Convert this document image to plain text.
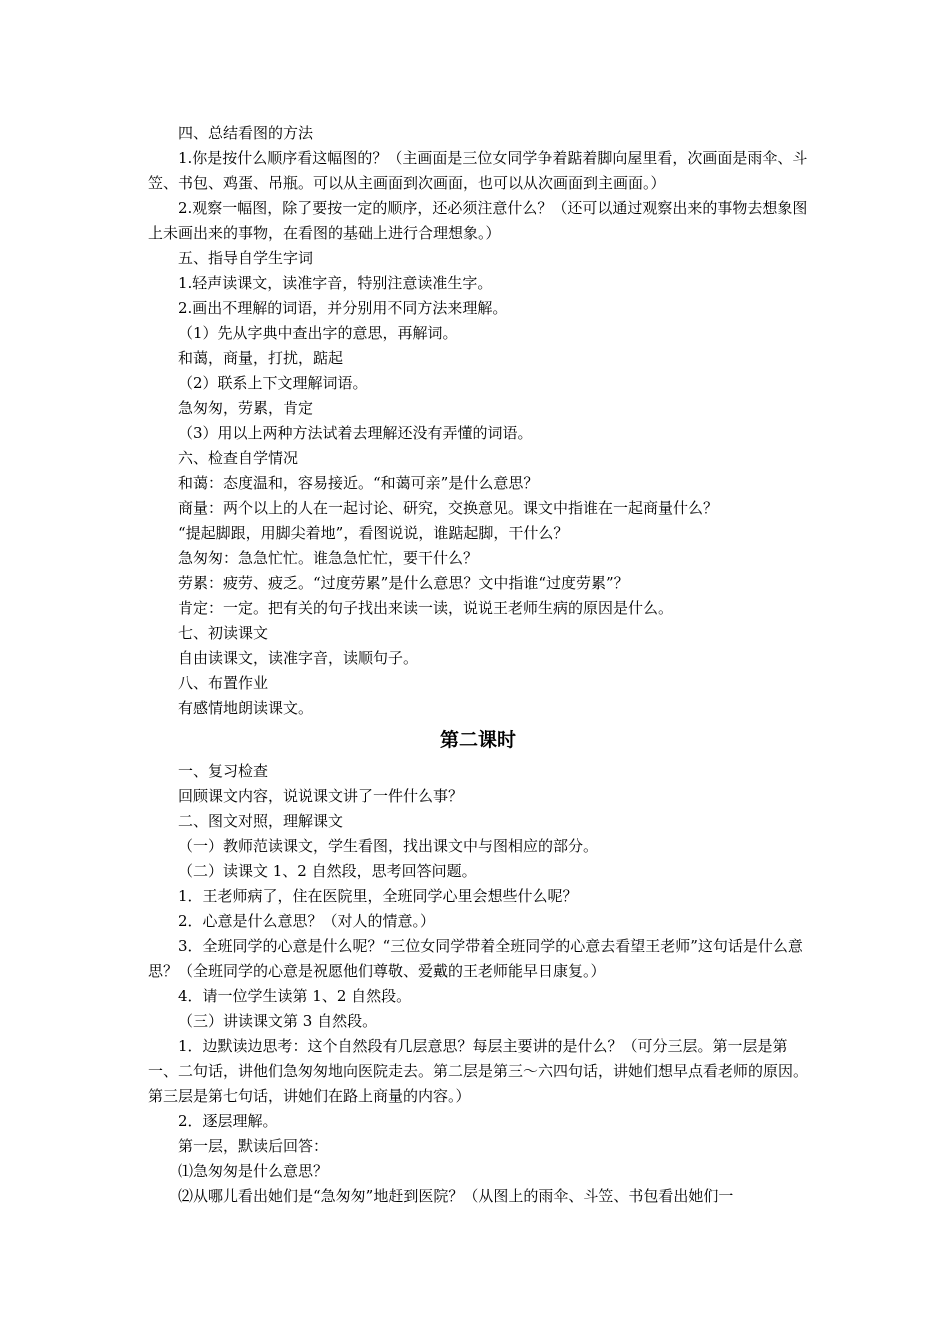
四、总结看图的方法
1.你是按什么顺序看这幅图的？（主画面是三位女同学争着踮着脚向屋里看，次画面是雨伞、斗笠、书包、鸡蛋、吊瓶。可以从主画面到次画面，也可以从次画面到主画面。）
2.观察一幅图，除了要按一定的顺序，还必须注意什么？（还可以通过观察出来的事物去想象图上未画出来的事物，在看图的基础上进行合理想象。）
五、指导自学生字词
1.轻声读课文，读准字音，特别注意读准生字。
2.画出不理解的词语，并分别用不同方法来理解。
（1）先从字典中查出字的意思，再解词。
和蔼，商量，打扰，踮起
（2）联系上下文理解词语。
急匆匆，劳累，肯定
（3）用以上两种方法试着去理解还没有弄懂的词语。
六、检查自学情况
和蔼：态度温和，容易接近。“和蔼可亲”是什么意思？
商量：两个以上的人在一起讨论、研究，交换意见。课文中指谁在一起商量什么？
“提起脚跟，用脚尖着地”，看图说说，谁踮起脚，干什么？
急匆匆：急急忙忙。谁急急忙忙，要干什么？
劳累：疲劳、疲乏。“过度劳累”是什么意思？文中指谁“过度劳累”？
肯定：一定。把有关的句子找出来读一读，说说王老师生病的原因是什么。
七、初读课文
自由读课文，读准字音，读顺句子。
八、布置作业
有感情地朗读课文。
第二课时
一、复习检查
回顾课文内容，说说课文讲了一件什么事？
二、图文对照，理解课文
（一）教师范读课文，学生看图，找出课文中与图相应的部分。
（二）读课文 1、2 自然段，思考回答问题。
1．王老师病了，住在医院里，全班同学心里会想些什么呢？
2．心意是什么意思？（对人的情意。）
3．全班同学的心意是什么呢？“三位女同学带着全班同学的心意去看望王老师”这句话是什么意思？（全班同学的心意是祝愿他们尊敬、爱戴的王老师能早日康复。）
4．请一位学生读第 1、2 自然段。
（三）讲读课文第 3 自然段。
1．边默读边思考：这个自然段有几层意思？每层主要讲的是什么？（可分三层。第一层是第一、二句话，讲他们急匆匆地向医院走去。第二层是第三～六四句话，讲她们想早点看老师的原因。第三层是第七句话，讲她们在路上商量的内容。）
2．逐层理解。
第一层，默读后回答：
⑴急匆匆是什么意思？
⑵从哪儿看出她们是“急匆匆”地赶到医院？（从图上的雨伞、斗笠、书包看出她们一
